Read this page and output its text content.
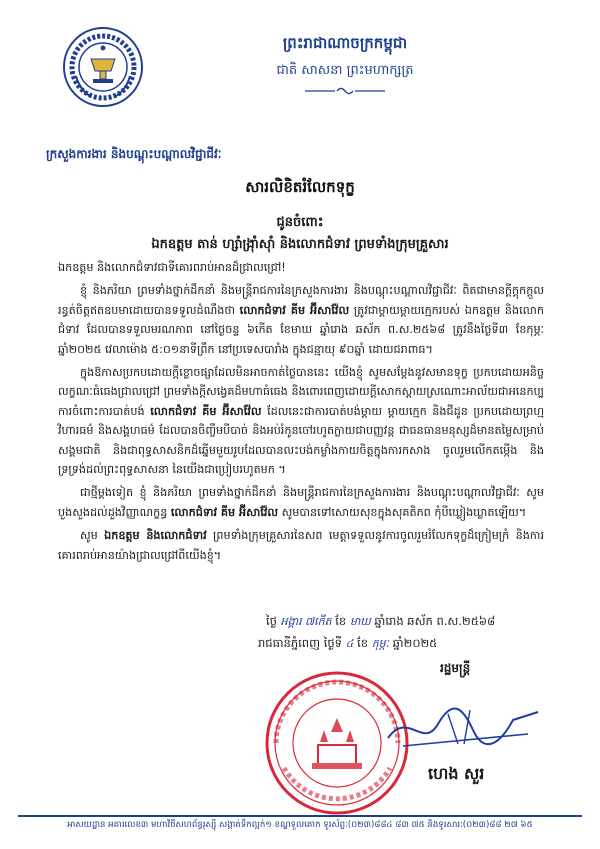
ព្រះរាជាណាចក្រកម្ពុជា
ជាតិ សាសនា ព្រះមហាក្សត្រ
ក្រសួងការងារ និងបណ្តុះបណ្តាលវិជ្ជាជីវៈ
សារលិខិតរំលែកទុក្ខ
ជូនចំពោះ
ឯកឧត្តម តាន់ ហ្សាំង្រ៉ាំស៉ាំ និងលោកជំទាវ ព្រមទាំងក្រុមគ្រួសារ

ឯកឧត្តម និងលោកជំទាវជាទីគោរពរាប់អានដ៏ជ្រាលជ្រៅ!

ខ្ញុំ និងភរិយា ព្រមទាំងថ្នាក់ដឹកនាំ និងមន្ត្រីរាជការនៃក្រសួងការងារ និងបណ្តុះបណ្តាលវិជ្ជាជីវៈ ពិតជាមានក្តីក្តុកក្តួលរន្ធត់ចិត្តឥតឧបមាដោយបានទទួលដំណឹងថា លោកជំទាវ គីម អ៊ីសាវ៉ែល ត្រូវជាម្តាយម្តាយក្មេករបស់ ឯកឧត្តម និងលោកជំទាវ ដែលបានទទួលមរណភាព នៅថ្ងៃចន្ទ ៦កើត ខែមាឃ ឆ្នាំរោង ឆស័ក ព.ស.២៥៦៨ ត្រូវនឹងថ្ងៃទី៣ ខែកុម្ភៈ ឆ្នាំ២០២៥ វេលាម៉ោង ៥:០១នាទីព្រឹក នៅប្រទេសបារាំង ក្នុងជន្មាយុ ៩០ឆ្នាំ ដោយជរាពាធ។

ក្នុងឱកាសប្រកបដោយក្តីខ្លោចផ្សាដែលមិនអាចកាត់ថ្លៃបាននេះ យើងខ្ញុំ សូមសម្តែងនូវសមានទុក្ខ ប្រកបដោយអនិច្ចលក្ខណៈធំធេងជ្រាលជ្រៅ ព្រមទាំងក្តីសង្វេគដ៏មហាធំធេង និងពោរពេញដោយក្តីសោកស្តាយស្រណោះអាល័យជាអនេកប្បការចំពោះការបាត់បង់ លោកជំទាវ គីម អ៊ីសាវ៉ែល ដែលនេះជាការបាត់បង់ម្តាយ ម្តាយក្មេក និងជីដូន ប្រកបដោយព្រហ្មវិហារធម៌ និងសង្គហធម៌ ដែលបានចិញ្ចឹមបីបាច់ និងអប់រំកូនចៅរហូតក្លាយជាបញ្ញវន្ត ជាធនធានមនុស្សដ៏មានតម្លៃសម្រាប់សង្គមជាតិ និងជាពុទ្ធសាសនិកដ៏ឆ្នើមមួយរូបដែលបានលះបង់កម្លាំងកាយចិត្តក្នុងការកសាង ចូលរួមលើកតម្កើង និងទ្រទ្រង់ដល់ព្រះពុទ្ធសាសនា នៃយើងជាប្រៀបរហូតមក ។

ជាថ្មីម្តងទៀត ខ្ញុំ និងភរិយា ព្រមទាំងថ្នាក់ដឹកនាំ និងមន្ត្រីរាជការនៃក្រសួងការងារ និងបណ្តុះបណ្តាលវិជ្ជាជីវៈ សូមបួងសួងដល់ដួងវិញ្ញាណក្ខន្ធ លោកជំទាវ គីម អ៊ីសាវ៉ែល សូមបានទៅសោយសុខក្នុងសុគតិភព កុំបីឃ្លៀងឃ្លាតឡើយ។

សូម ឯកឧត្តម និងលោកជំទាវ ព្រមទាំងក្រុមគ្រួសារនៃសព មេត្តាទទួលនូវការចូលរួមរំលែកទុក្ខដ៏ក្រៀមក្រំ និងការគោរពរាប់អានយ៉ាងជ្រាលជ្រៅពីយើងខ្ញុំ។

ថ្ងៃ អង្គារ ៧កើត ខែ មាឃ ឆ្នាំរោង ឆស័ក ព.ស.២៥៦៨
រាជធានីភ្នំពេញ ថ្ងៃទី ៤ ខែ កុម្ភៈ ឆ្នាំ២០២៥
រដ្ឋមន្ត្រី
ហេង សួរ
អាសយដ្ឋាន អគារលេខ៣ មហាវិថីសហព័ន្ធរុស្ស៊ី សង្កាត់ទឹកល្អក់១ ខណ្ឌទួលគោក ទូរស័ព្ទៈ(០២៣)៨៨៤ ៨៣ ៧៥ និងទូរសារៈ(០២៣)៨៨ ២៧ ៦៥
